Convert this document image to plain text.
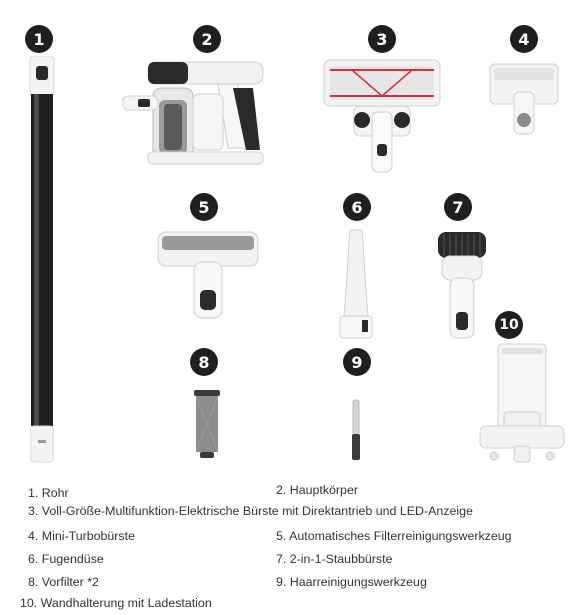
1	2	3	4
5	6	7
8	9
10
1. Rohr	2. Hauptkörper
3. Voll-Größe-Multifunktion-Elektrische Bürste mit Direktantrieb und LED-Anzeige
4. Mini-Turbobürste	5. Automatisches Filterreinigungswerkzeug
6. Fugendüse	7. 2-in-1-Staubbürste
8. Vorfilter *2	9. Haarreinigungswerkzeug
10. Wandhalterung mit Ladestation
